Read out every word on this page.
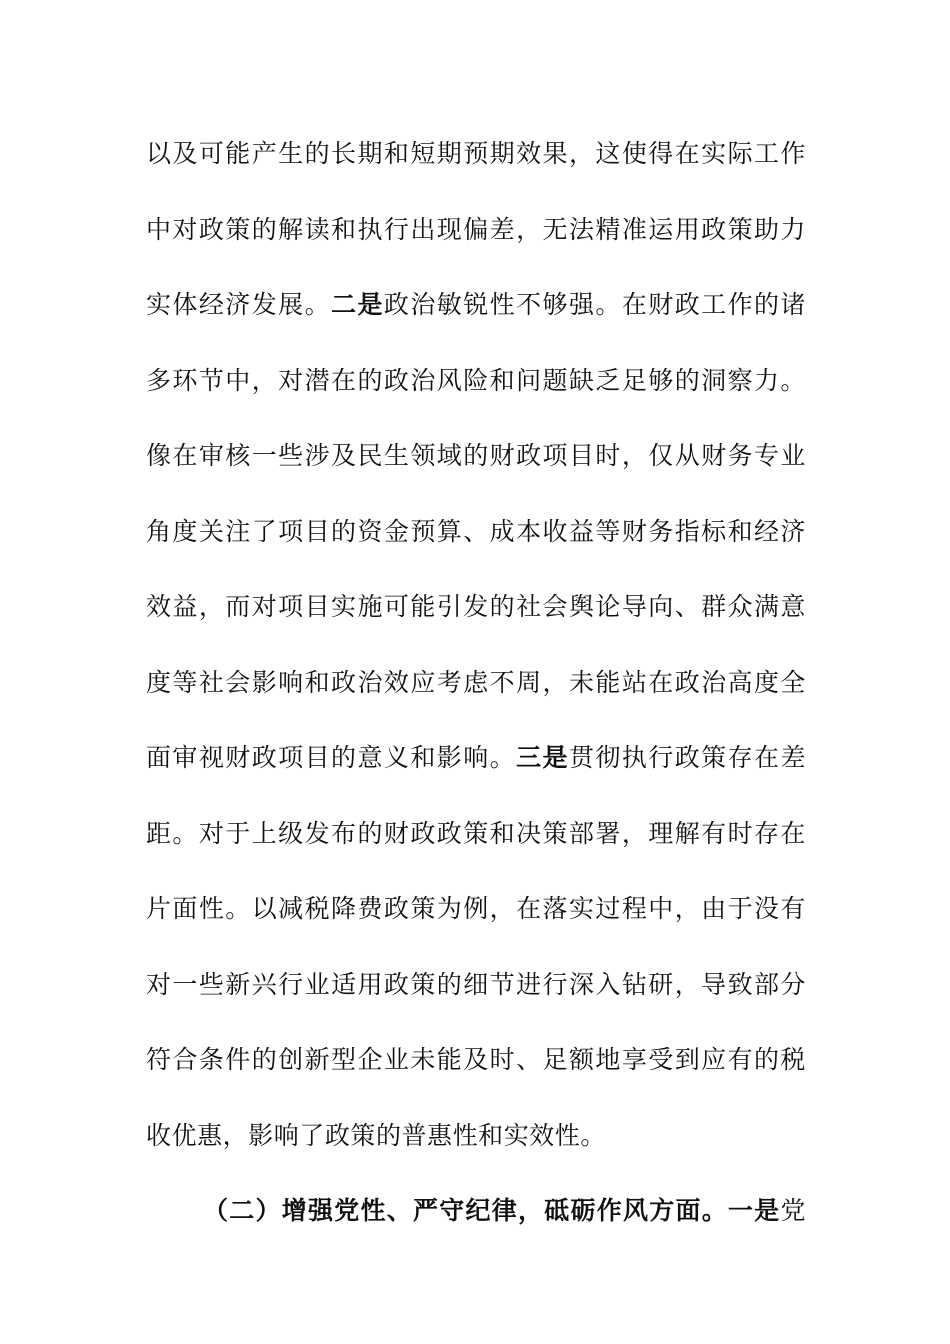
以及可能产生的长期和短期预期效果，这使得在实际工作
中对政策的解读和执行出现偏差，无法精准运用政策助力
实体经济发展。二是政治敏锐性不够强。在财政工作的诸
多环节中，对潜在的政治风险和问题缺乏足够的洞察力。
像在审核一些涉及民生领域的财政项目时，仅从财务专业
角度关注了项目的资金预算、成本收益等财务指标和经济
效益，而对项目实施可能引发的社会舆论导向、群众满意
度等社会影响和政治效应考虑不周，未能站在政治高度全
面审视财政项目的意义和影响。三是贯彻执行政策存在差
距。对于上级发布的财政政策和决策部署，理解有时存在
片面性。以减税降费政策为例，在落实过程中，由于没有
对一些新兴行业适用政策的细节进行深入钻研，导致部分
符合条件的创新型企业未能及时、足额地享受到应有的税
收优惠，影响了政策的普惠性和实效性。
（二）增强党性、严守纪律，砥砺作风方面。一是党
